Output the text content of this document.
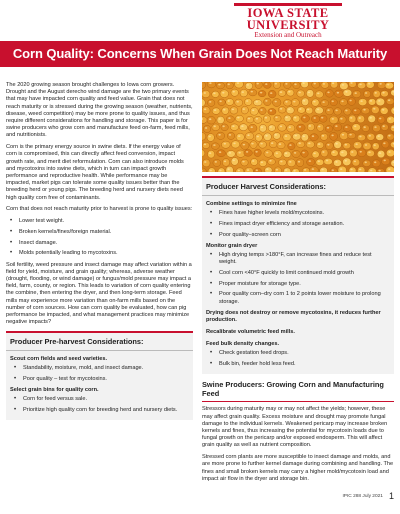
IOWA STATE
UNIVERSITY
Extension and Outreach
Corn Quality: Concerns When Grain Does Not Reach Maturity

The 2020 growing season brought challenges to Iowa corn growers. Drought and the August derecho wind damage are the two primary events that may have impacted corn quality and feed value. Grain that does not reach maturity or is stressed during the growing season (weather, nutrients, disease, weed competition) may be more prone to quality issues, and thus require different considerations for handling and storage. This paper is for swine producers who grow corn and manufacture feed on-farm, feed mills, and nutritionists.

Corn is the primary energy source in swine diets. If the energy value of corn is compromised, this can directly affect feed conversion, impact growth rate, and merit diet reformulation. Corn can also introduce molds and mycotoxins into swine diets, which in turn can impact growth performance and reproductive health. While performance may be impacted, market pigs can tolerate some quality issues better than the breeding herd or young pigs. The breeding herd and nursery diets need high quality corn free of contaminants.

Corn that does not reach maturity prior to harvest is prone to quality issues:

• Lower test weight.
• Broken kernels/fines/foreign material.
• Insect damage.
• Molds potentially leading to mycotoxins.

Soil fertility, weed pressure and insect damage may affect variation within a field for yield, moisture, and grain quality; whereas, adverse weather (drought, flooding, or wind damage) or fungus/mold pressure may impact a field, farm, county, or region. This leads to variation of corn quality entering the combine, then entering the dryer, and then long-term storage. Feed mills may experience more variation than on-farm mills based on the number of corn sources. How can corn quality be evaluated, how can pig performance be impacted, and what management practices may minimize negative impacts?

Producer Pre-harvest Considerations:
Scout corn fields and seed varieties.
• Standability, moisture, mold, and insect damage.
• Poor quality – test for mycotoxins.
Select grain bins for quality corn.
• Corn for feed versus sale.
• Prioritize high quality corn for breeding herd and nursery diets.
Producer Harvest Considerations:
Combine settings to minimize fine
• Fines have higher levels mold/mycotoxins.
• Fines impact dryer efficiency and storage aeration.
• Poor quality–screen corn
Monitor grain dryer
• High drying temps >180°F, can increase fines and reduce test weight.
• Cool corn <40°F quickly to limit continued mold growth
• Proper moisture for storage type.
• Poor quality corn–dry corn 1 to 2 points lower moisture to prolong storage.

Drying does not destroy or remove mycotoxins, it reduces further production.

Recalibrate volumetric feed mills.

Feed bulk density changes.
• Check gestation feed drops.
• Bulk bin, feeder hold less feed.
Swine Producers: Growing Corn and Manufacturing Feed

Stressors during maturity may or may not affect the yields; however, these may affect grain quality. Excess moisture and drought may promote fungal damage to the individual kernels. Weakened pericarp may increase broken kernels and fines, thus increasing the potential for mycotoxin loads due to fungal growth on the pericarp and/or exposed endosperm. This will affect grain quality as well as nutrient composition.

Stressed corn plants are more susceptible to insect damage and molds, and are more prone to further kernel damage during combining and handling. The fines and small broken kernels may carry a higher mold/mycotoxin load and impact air flow in the dryer and storage bin.

IPIC 288 July 2021 1
